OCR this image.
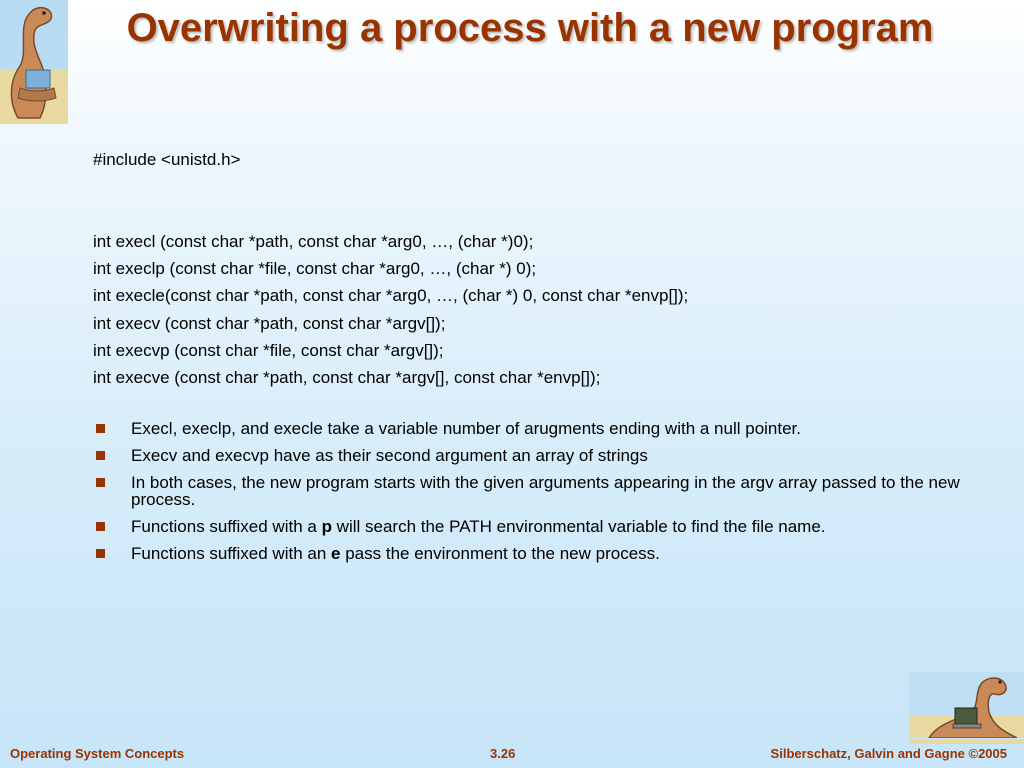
Overwriting a process with a new program
#include <unistd.h>
int execl (const char *path, const char *arg0, …, (char *)0);
int execlp (const char *file, const char *arg0, …, (char *) 0);
int execle(const char *path, const char *arg0, …, (char *) 0, const char *envp[]);
int execv (const char *path, const char *argv[]);
int execvp (const char *file, const char *argv[]);
int execve (const char *path, const char *argv[], const char *envp[]);
Execl, execlp, and execle take a variable number of arugments ending with a null pointer.
Execv and execvp have as their second argument an array of strings
In both cases, the new program starts with the given arguments appearing in the argv array passed to the new process.
Functions suffixed with a p will search the PATH environmental variable to find the file name.
Functions suffixed with an e pass the environment to the new process.
Operating System Concepts	3.26	Silberschatz, Galvin and Gagne ©2005
